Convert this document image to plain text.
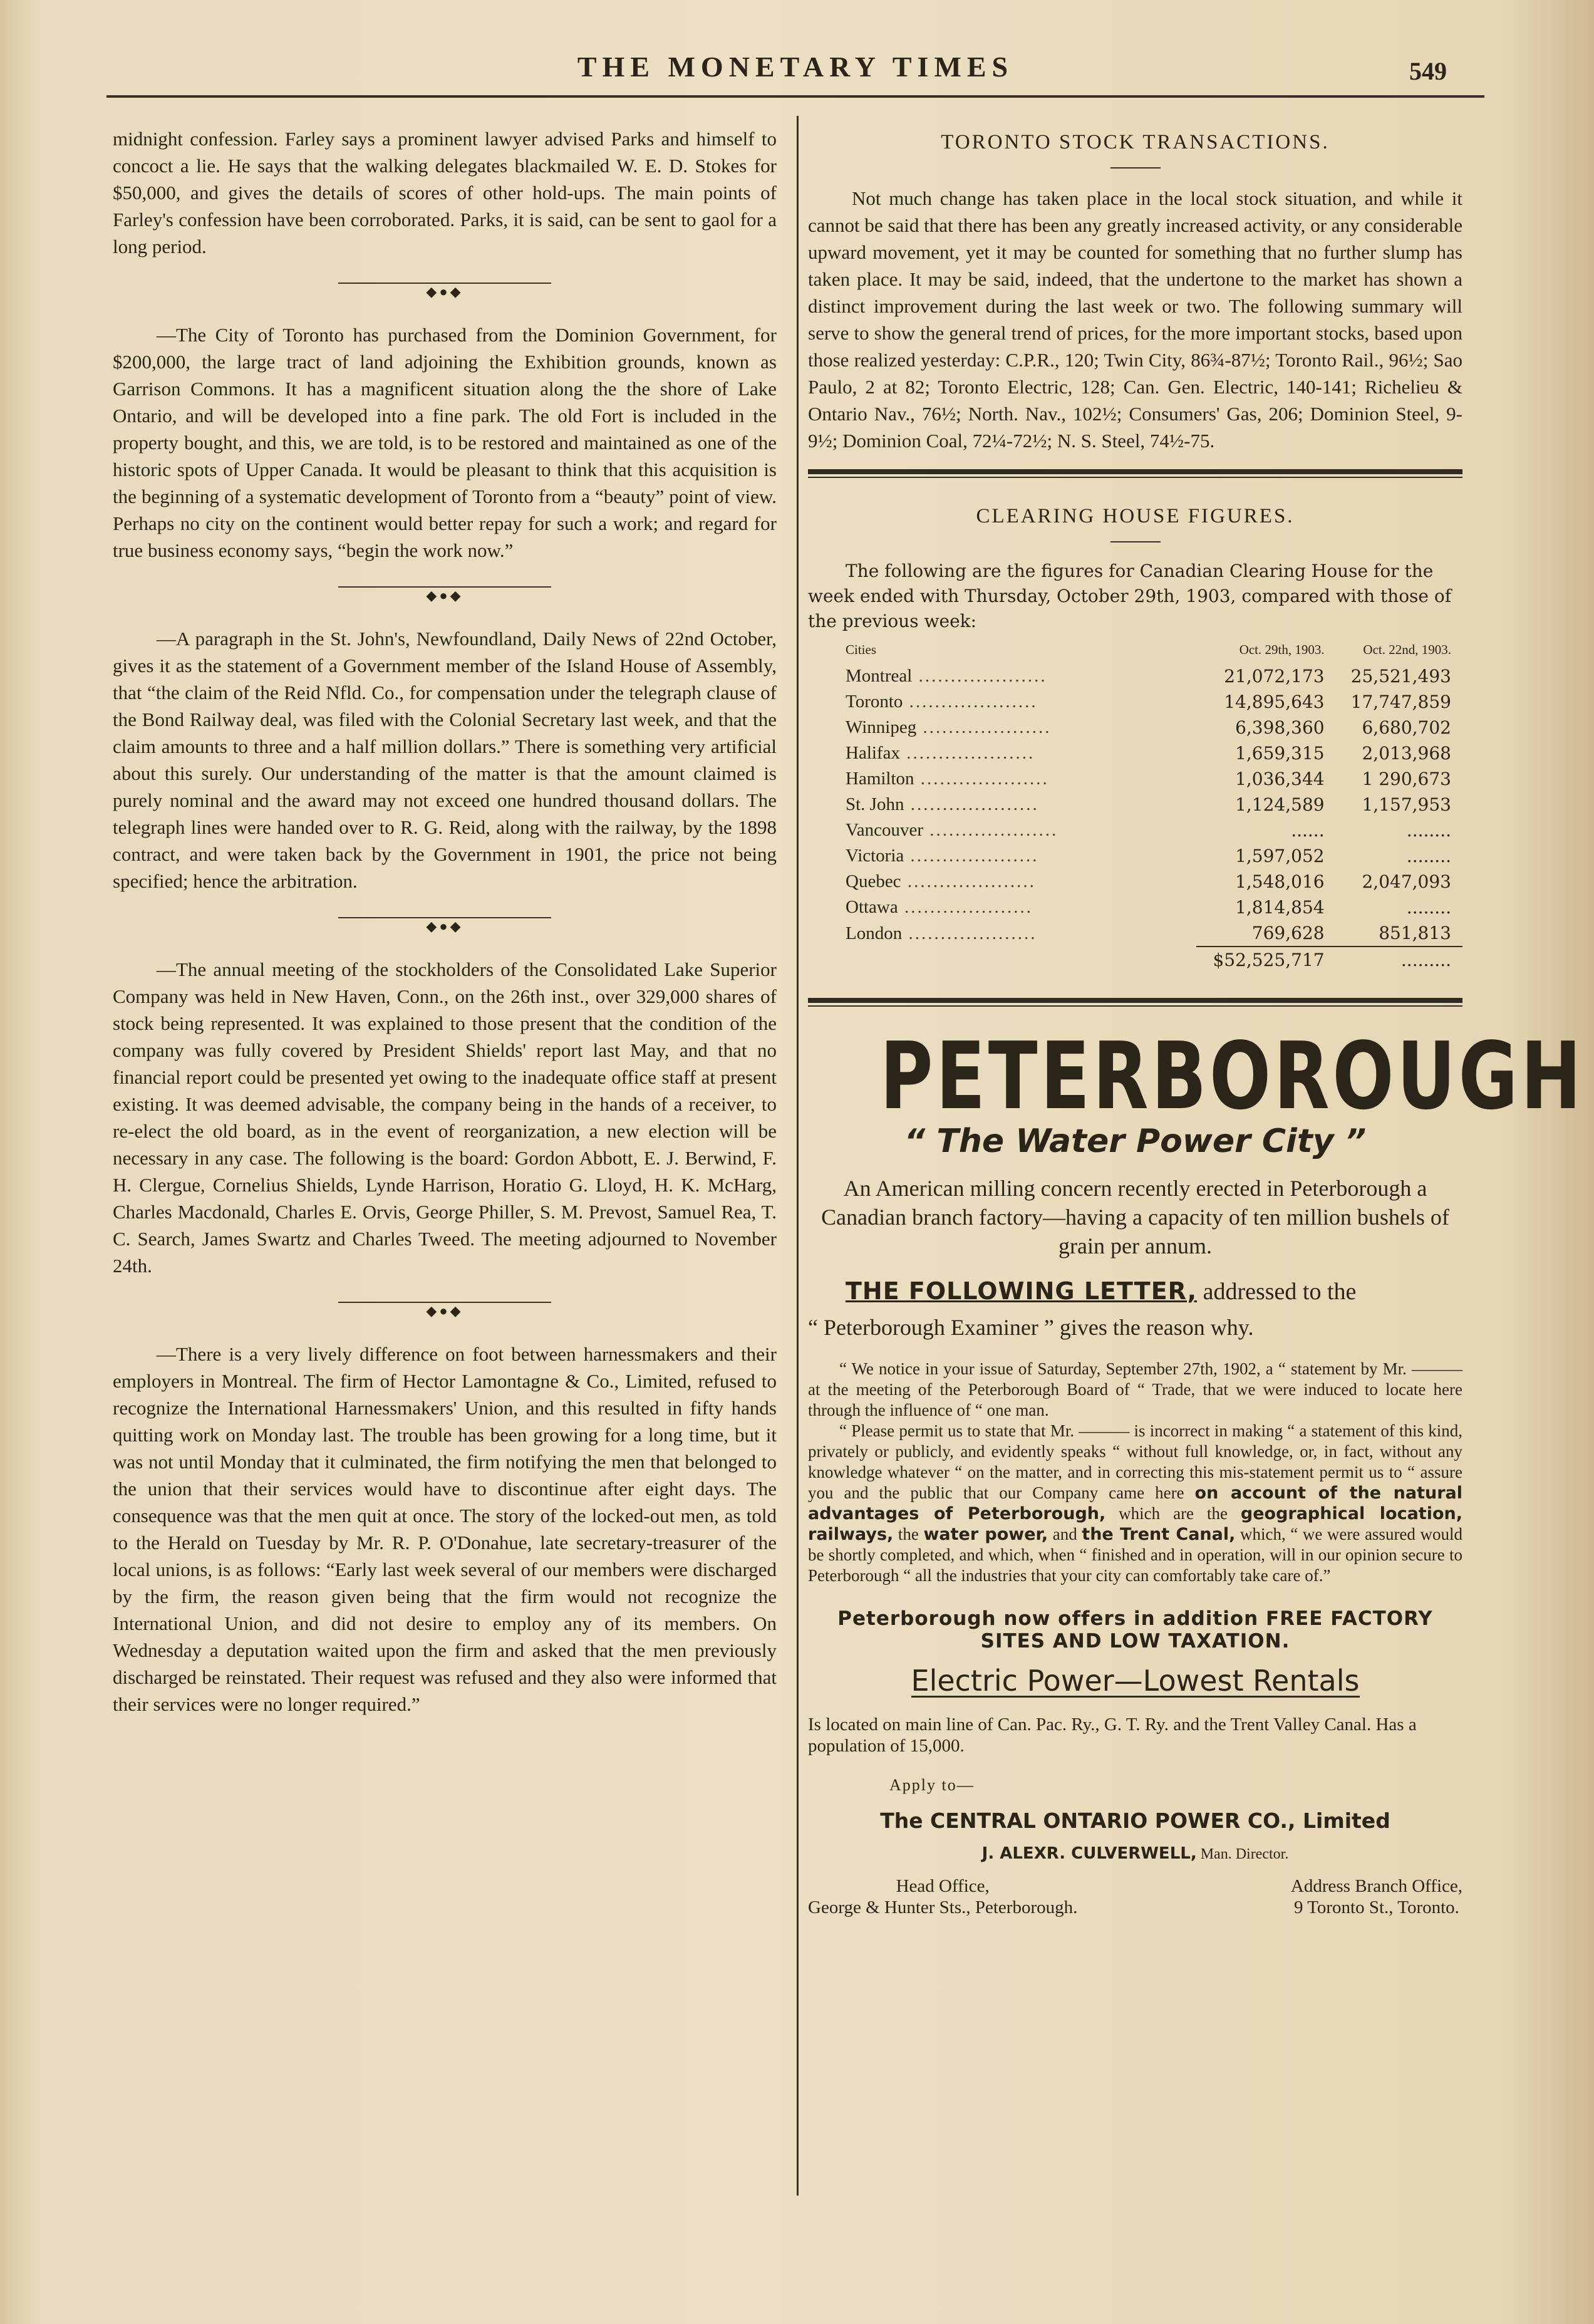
THE MONETARY TIMES	549

midnight confession. Farley says a prominent lawyer advised Parks and himself to concoct a lie. He says that the walking delegates blackmailed W. E. D. Stokes for $50,000, and gives the details of scores of other hold-ups. The main points of Farley's confession have been corroborated. Parks, it is said, can be sent to gaol for a long period.

◆●◆

—The City of Toronto has purchased from the Dominion Government, for $200,000, the large tract of land adjoining the Exhibition grounds, known as Garrison Commons. It has a magnificent situation along the the shore of Lake Ontario, and will be developed into a fine park. The old Fort is included in the property bought, and this, we are told, is to be restored and maintained as one of the historic spots of Upper Canada. It would be pleasant to think that this acquisition is the beginning of a systematic development of Toronto from a “beauty” point of view. Perhaps no city on the continent would better repay for such a work; and regard for true business economy says, “begin the work now.”

◆●◆

—A paragraph in the St. John's, Newfoundland, Daily News of 22nd October, gives it as the statement of a Government member of the Island House of Assembly, that “the claim of the Reid Nfld. Co., for compensation under the telegraph clause of the Bond Railway deal, was filed with the Colonial Secretary last week, and that the claim amounts to three and a half million dollars.” There is something very artificial about this surely. Our understanding of the matter is that the amount claimed is purely nominal and the award may not exceed one hundred thousand dollars. The telegraph lines were handed over to R. G. Reid, along with the railway, by the 1898 contract, and were taken back by the Government in 1901, the price not being specified; hence the arbitration.

◆●◆

—The annual meeting of the stockholders of the Consolidated Lake Superior Company was held in New Haven, Conn., on the 26th inst., over 329,000 shares of stock being represented. It was explained to those present that the condition of the company was fully covered by President Shields' report last May, and that no financial report could be presented yet owing to the inadequate office staff at present existing. It was deemed advisable, the company being in the hands of a receiver, to re-elect the old board, as in the event of reorganization, a new election will be necessary in any case. The following is the board: Gordon Abbott, E. J. Berwind, F. H. Clergue, Cornelius Shields, Lynde Harrison, Horatio G. Lloyd, H. K. McHarg, Charles Macdonald, Charles E. Orvis, George Philler, S. M. Prevost, Samuel Rea, T. C. Search, James Swartz and Charles Tweed. The meeting adjourned to November 24th.

◆●◆

—There is a very lively difference on foot between harnessmakers and their employers in Montreal. The firm of Hector Lamontagne & Co., Limited, refused to recognize the International Harnessmakers' Union, and this resulted in fifty hands quitting work on Monday last. The trouble has been growing for a long time, but it was not until Monday that it culminated, the firm notifying the men that belonged to the union that their services would have to discontinue after eight days. The consequence was that the men quit at once. The story of the locked-out men, as told to the Herald on Tuesday by Mr. R. P. O'Donahue, late secretary-treasurer of the local unions, is as follows: “Early last week several of our members were discharged by the firm, the reason given being that the firm would not recognize the International Union, and did not desire to employ any of its members. On Wednesday a deputation waited upon the firm and asked that the men previously discharged be reinstated. Their request was refused and they also were informed that their services were no longer required.”

TORONTO STOCK TRANSACTIONS.

Not much change has taken place in the local stock situation, and while it cannot be said that there has been any greatly increased activity, or any considerable upward movement, yet it may be counted for something that no further slump has taken place. It may be said, indeed, that the undertone to the market has shown a distinct improvement during the last week or two. The following summary will serve to show the general trend of prices, for the more important stocks, based upon those realized yesterday: C.P.R., 120; Twin City, 86¾-87½; Toronto Rail., 96½; Sao Paulo, 2 at 82; Toronto Electric, 128; Can. Gen. Electric, 140-141; Richelieu & Ontario Nav., 76½; North. Nav., 102½; Consumers' Gas, 206; Dominion Steel, 9-9½; Dominion Coal, 72¼-72½; N. S. Steel, 74½-75.

CLEARING HOUSE FIGURES.

The following are the figures for Canadian Clearing House for the week ended with Thursday, October 29th, 1903, compared with those of the previous week:

Cities	Oct. 29th, 1903.	Oct. 22nd, 1903.
Montreal ....................	21,072,173	25,521,493
Toronto ....................	14,895,643	17,747,859
Winnipeg ....................	6,398,360	6,680,702
Halifax ....................	1,659,315	2,013,968
Hamilton ....................	1,036,344	1 290,673
St. John ....................	1,124,589	1,157,953
Vancouver ....................	......	........
Victoria ....................	1,597,052	........
Quebec ....................	1,548,016	2,047,093
Ottawa ....................	1,814,854	........
London ....................	769,628	851,813
	$52,525,717	.........
PETERBOROUGH
“ The Water Power City ”
An American milling concern recently erected in Peterborough a Canadian branch factory—having a capacity of ten million bushels of grain per annum.
THE FOLLOWING LETTER, addressed to the
“ Peterborough Examiner ” gives the reason why.

“ We notice in your issue of Saturday, September 27th, 1902, a “ statement by Mr. ——— at the meeting of the Peterborough Board of “ Trade, that we were induced to locate here through the influence of “ one man.

“ Please permit us to state that Mr. ——— is incorrect in making “ a statement of this kind, privately or publicly, and evidently speaks “ without full knowledge, or, in fact, without any knowledge whatever “ on the matter, and in correcting this mis-statement permit us to “ assure you and the public that our Company came here on account of the natural advantages of Peterborough, which are the geographical location, railways, the water power, and the Trent Canal, which, “ we were assured would be shortly completed, and which, when “ finished and in operation, will in our opinion secure to Peterborough “ all the industries that your city can comfortably take care of.”

Peterborough now offers in addition FREE FACTORY SITES AND LOW TAXATION.
Electric Power—Lowest Rentals
Is located on main line of Can. Pac. Ry., G. T. Ry. and the Trent Valley Canal. Has a population of 15,000.
Apply to—
The CENTRAL ONTARIO POWER CO., Limited
J. ALEXR. CULVERWELL, Man. Director.
Head Office,
George & Hunter Sts., Peterborough.
Address Branch Office,
9 Toronto St., Toronto.
